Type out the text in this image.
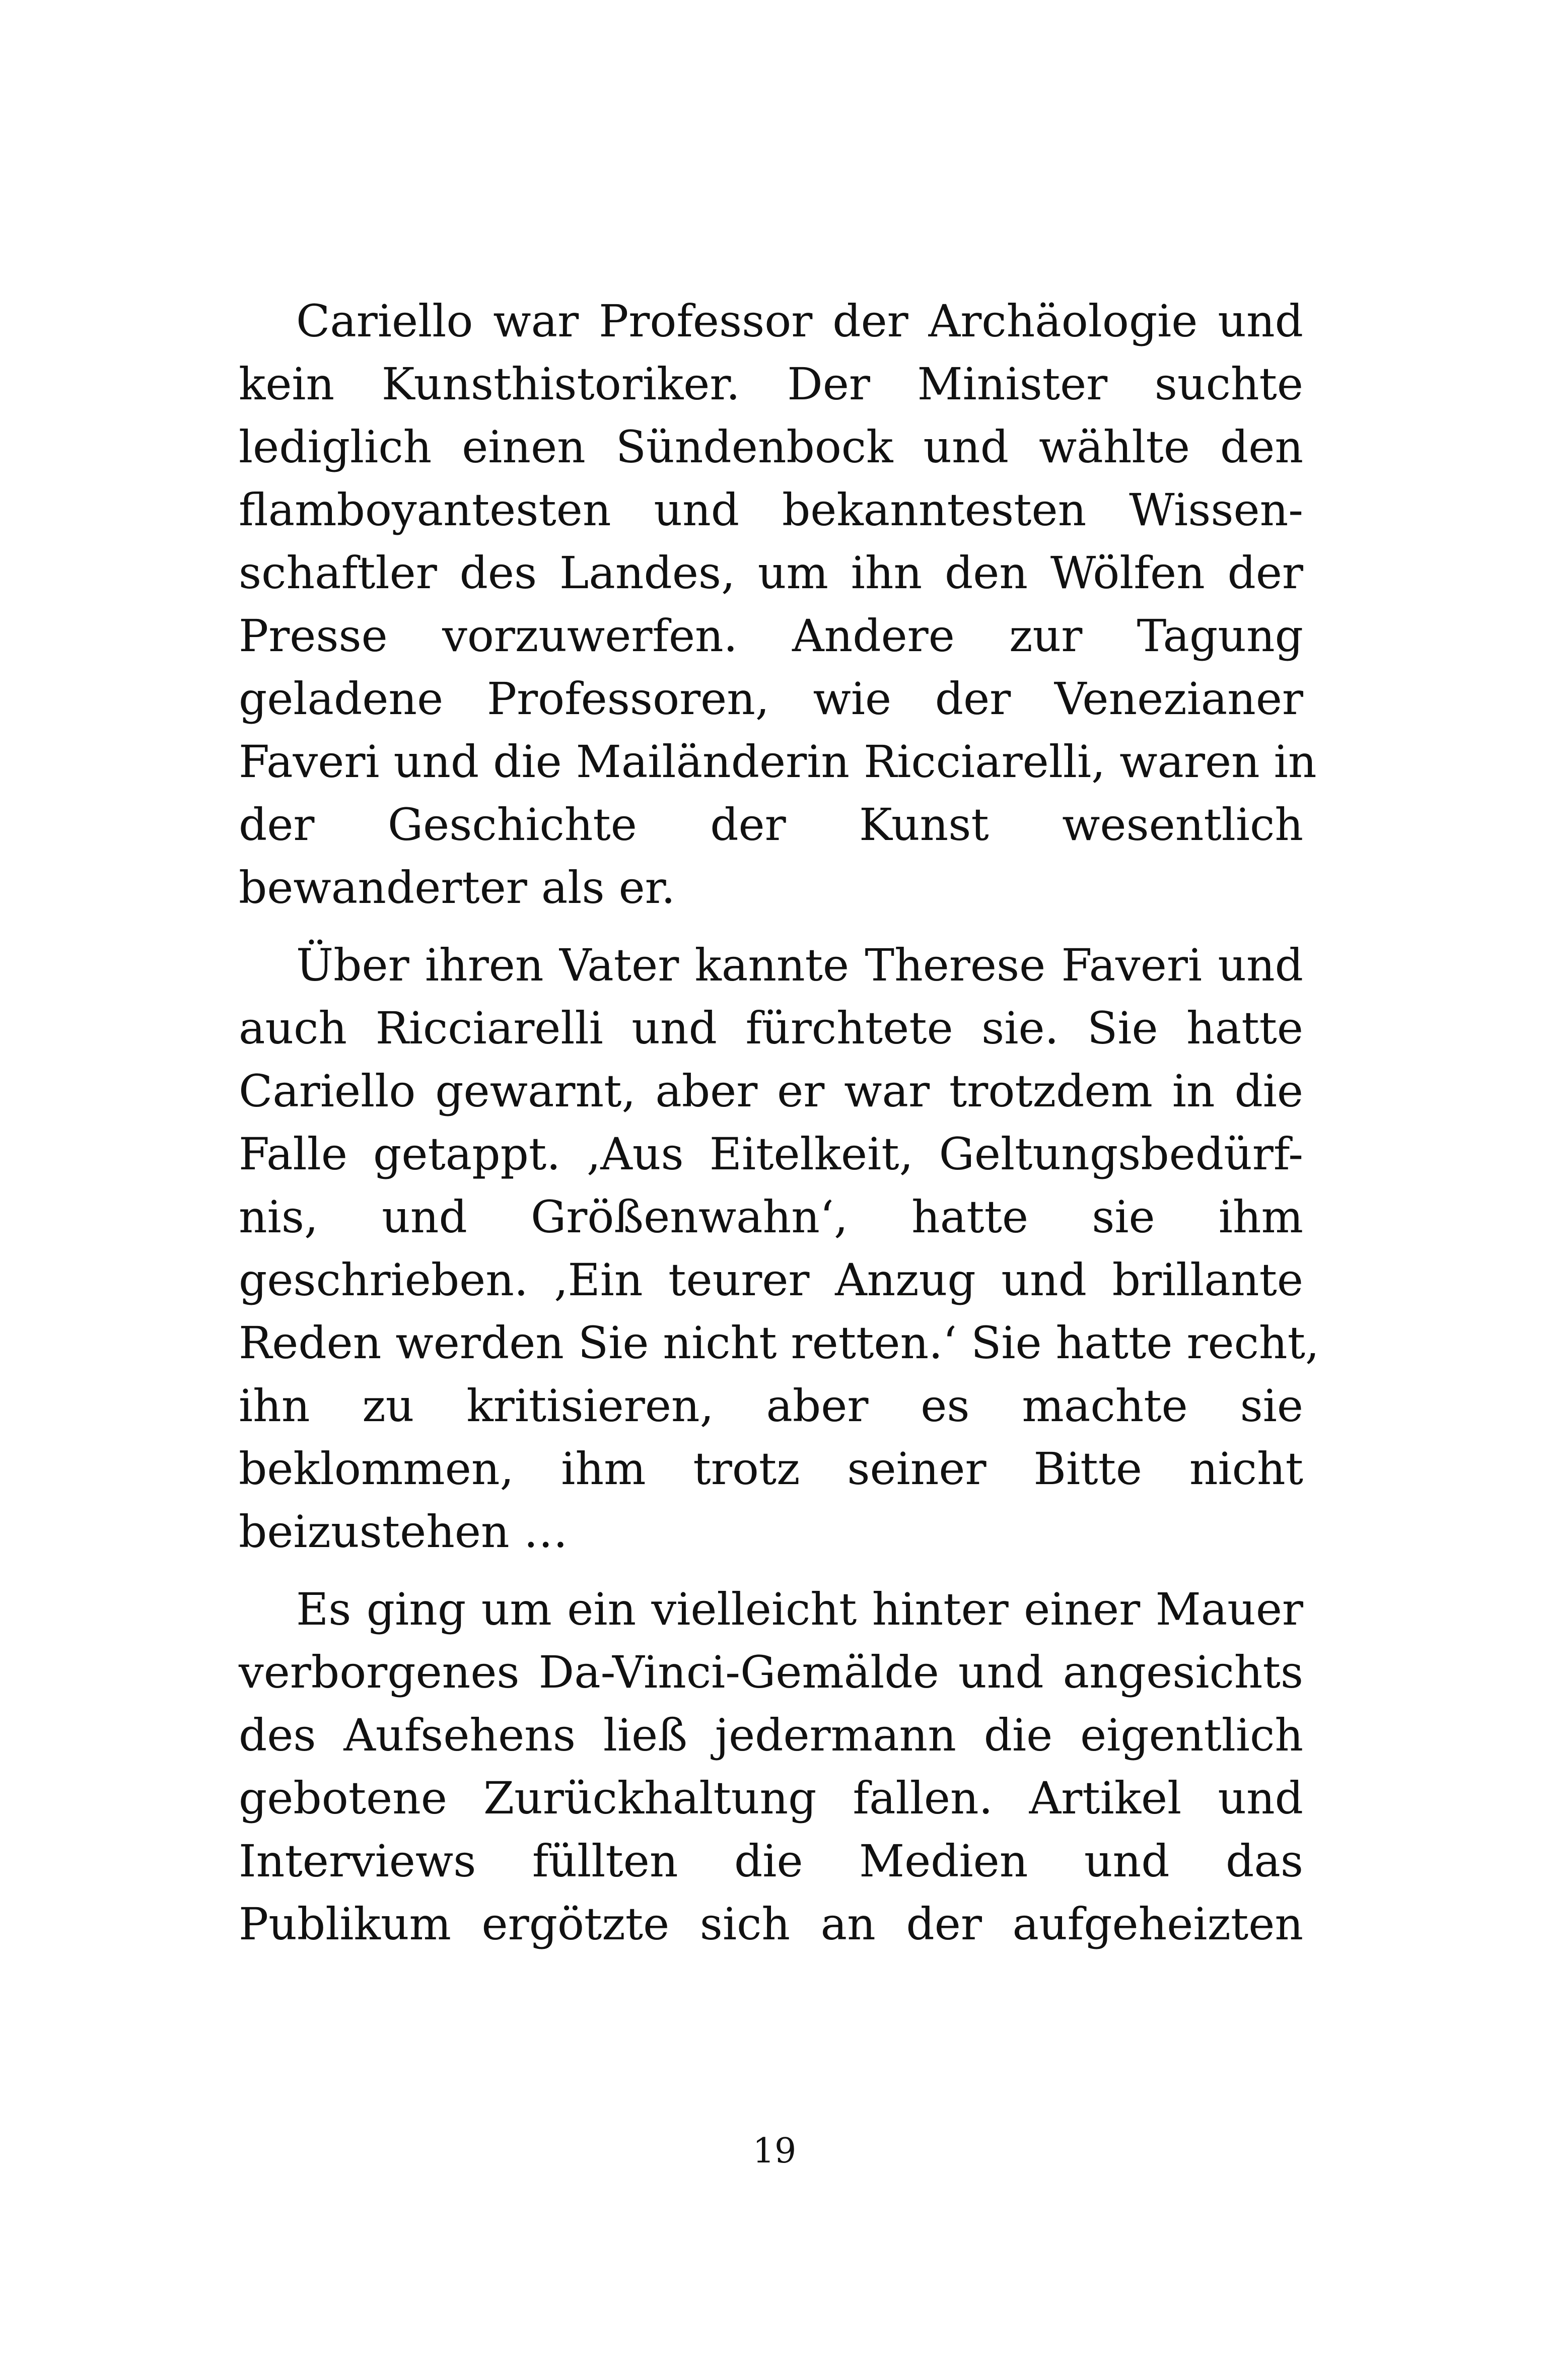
Cariello war Professor der Archäologie und
kein Kunsthistoriker. Der Minister suchte
lediglich einen Sündenbock und wählte den
flamboyantesten und bekanntesten Wissen-
schaftler des Landes, um ihn den Wölfen der
Presse vorzuwerfen. Andere zur Tagung
geladene Professoren, wie der Venezianer
Faveri und die Mailänderin Ricciarelli, waren in
der Geschichte der Kunst wesentlich
bewanderter als er.
Über ihren Vater kannte Therese Faveri und
auch Ricciarelli und fürchtete sie. Sie hatte
Cariello gewarnt, aber er war trotzdem in die
Falle getappt. ‚Aus Eitelkeit, Geltungsbedürf-
nis, und Größenwahn‘, hatte sie ihm
geschrieben. ‚Ein teurer Anzug und brillante
Reden werden Sie nicht retten.‘ Sie hatte recht,
ihn zu kritisieren, aber es machte sie
beklommen, ihm trotz seiner Bitte nicht
beizustehen …
Es ging um ein vielleicht hinter einer Mauer
verborgenes Da-Vinci-Gemälde und angesichts
des Aufsehens ließ jedermann die eigentlich
gebotene Zurückhaltung fallen. Artikel und
Interviews füllten die Medien und das
Publikum ergötzte sich an der aufgeheizten
19
